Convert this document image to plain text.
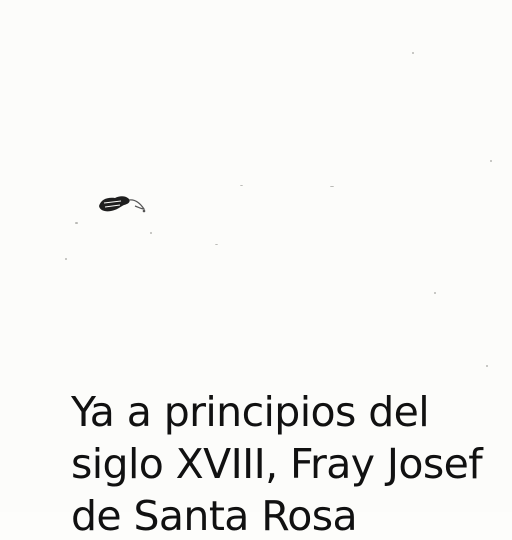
Ya a principios del

siglo XVIII, Fray Josef

de Santa Rosa
